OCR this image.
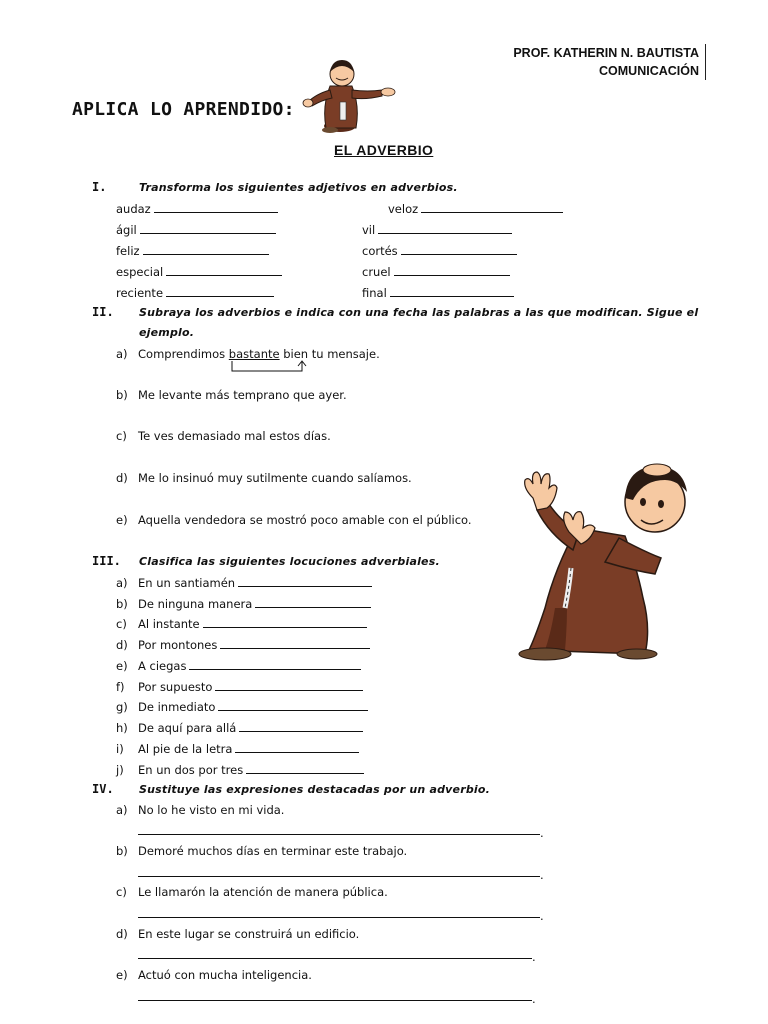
PROF. KATHERIN N. BAUTISTA
COMUNICACIÓN
APLICA LO APRENDIDO:
EL ADVERBIO
I.	Transforma los siguientes adjetivos en adverbios.
audaz
ágil
feliz
especial
reciente
veloz
vil
cortés
cruel
final
II. Subraya los adverbios e indica con una fecha las palabras a las que modifican. Sigue el
ejemplo.
a) Comprendimos bastante bien tu mensaje.
b) Me levante más temprano que ayer.
c) Te ves demasiado mal estos días.
d) Me lo insinuó muy sutilmente cuando salíamos.
e) Aquella vendedora se mostró poco amable con el público.
III. Clasifica las siguientes locuciones adverbiales.
a) En un santiamén
b) De ninguna manera
c) Al instante
d) Por montones
e) A ciegas
f) Por supuesto
g) De inmediato
h) De aquí para allá
i) Al pie de la letra
j) En un dos por tres
IV. Sustituye las expresiones destacadas por un adverbio.
a) No lo he visto en mi vida.
.
b) Demoré muchos días en terminar este trabajo.
.
c) Le llamarón la atención de manera pública.
.
d) En este lugar se construirá un edificio.
.
e) Actuó con mucha inteligencia.
.
